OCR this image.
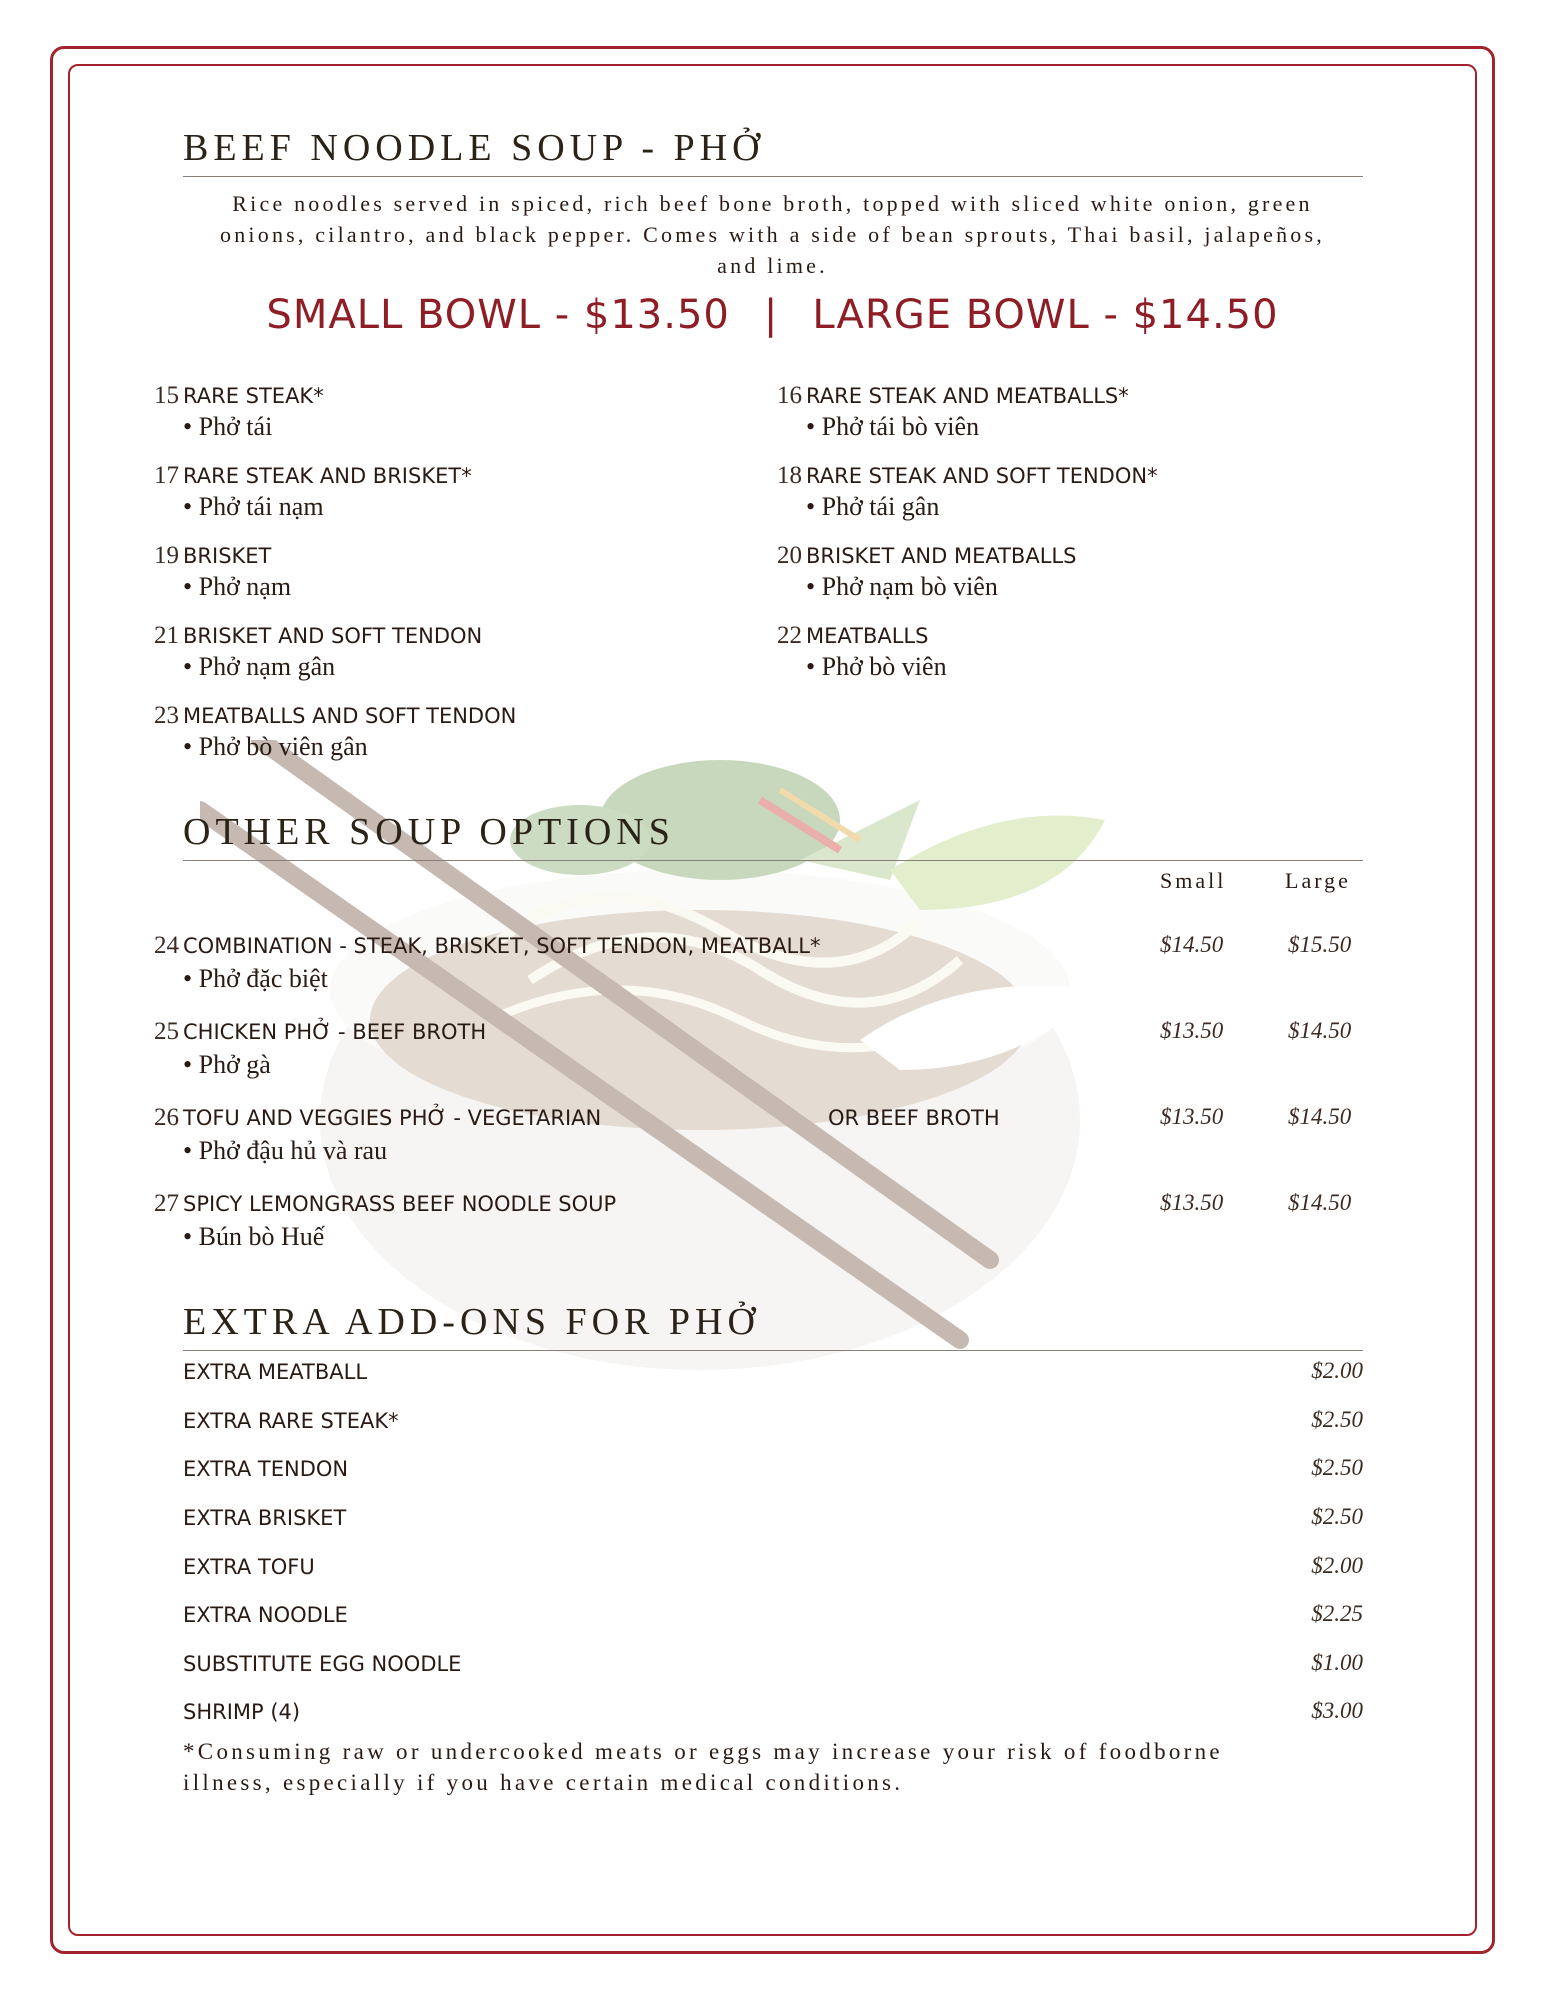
BEEF NOODLE SOUP - PHỞ
Rice noodles served in spiced, rich beef bone broth, topped with sliced white onion, green onions, cilantro, and black pepper. Comes with a side of bean sprouts, Thai basil, jalapeños, and lime.
SMALL BOWL - $13.50 | LARGE BOWL - $14.50
15 RARE STEAK*
• Phở tái
16 RARE STEAK AND MEATBALLS*
• Phở tái bò viên
17 RARE STEAK AND BRISKET*
• Phở tái nạm
18 RARE STEAK AND SOFT TENDON*
• Phở tái gân
19 BRISKET
• Phở nạm
20 BRISKET AND MEATBALLS
• Phở nạm bò viên
21 BRISKET AND SOFT TENDON
• Phở nạm gân
22 MEATBALLS
• Phở bò viên
23 MEATBALLS AND SOFT TENDON
• Phở bò viên gân
OTHER SOUP OPTIONS
Small	Large
24 COMBINATION - STEAK, BRISKET, SOFT TENDON, MEATBALL*
• Phở đặc biệt
$14.50	$15.50
25 CHICKEN PHỞ - BEEF BROTH
• Phở gà
$13.50	$14.50
26 TOFU AND VEGGIES PHỞ - VEGETARIAN	OR BEEF BROTH
• Phở đậu hủ và rau
$13.50	$14.50
27 SPICY LEMONGRASS BEEF NOODLE SOUP
• Bún bò Huế
$13.50	$14.50
EXTRA ADD-ONS FOR PHỞ
EXTRA MEATBALL	$2.00
EXTRA RARE STEAK*	$2.50
EXTRA TENDON	$2.50
EXTRA BRISKET	$2.50
EXTRA TOFU	$2.00
EXTRA NOODLE	$2.25
SUBSTITUTE EGG NOODLE	$1.00
SHRIMP (4)	$3.00
*Consuming raw or undercooked meats or eggs may increase your risk of foodborne illness, especially if you have certain medical conditions.
